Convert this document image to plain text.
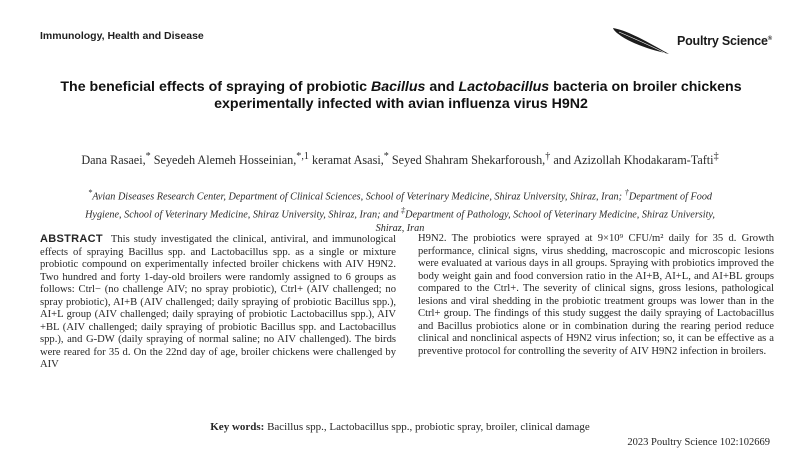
Immunology, Health and Disease	Poultry Science®
The beneficial effects of spraying of probiotic Bacillus and Lactobacillus bacteria on broiler chickens experimentally infected with avian influenza virus H9N2
Dana Rasaei,* Seyedeh Alemeh Hosseinian,$^{*,1}$ keramat Asasi,* Seyed Shahram Shekarforoush,† and Azizollah Khodakaram-Tafti‡
*Avian Diseases Research Center, Department of Clinical Sciences, School of Veterinary Medicine, Shiraz University, Shiraz, Iran; †Department of Food Hygiene, School of Veterinary Medicine, Shiraz University, Shiraz, Iran; and ‡Department of Pathology, School of Veterinary Medicine, Shiraz University, Shiraz, Iran

ABSTRACT This study investigated the clinical, antiviral, and immunological effects of spraying Bacillus spp. and Lactobacillus spp. as a single or mixture probiotic compound on experimentally infected broiler chickens with AIV H9N2. Two hundred and forty 1-day-old broilers were randomly assigned to 6 groups as follows: Ctrl− (no challenge AIV; no spray probiotic), Ctrl+ (AIV challenged; no spray probiotic), AI+B (AIV challenged; daily spraying of probiotic Bacillus spp.), AI+L group (AIV challenged; daily spraying of probiotic Lactobacillus spp.), AIV +BL (AIV challenged; daily spraying of probiotic Bacillus spp. and Lactobacillus spp.), and G-DW (daily spraying of normal saline; no AIV challenged). The birds were reared for 35 d. On the 22nd day of age, broiler chickens were challenged by AIV

H9N2. The probiotics were sprayed at 9×10⁹ CFU/m² daily for 35 d. Growth performance, clinical signs, virus shedding, macroscopic and microscopic lesions were evaluated at various days in all groups. Spraying with probiotics improved the body weight gain and food conversion ratio in the AI+B, AI+L, and AI+BL groups compared to the Ctrl+. The severity of clinical signs, gross lesions, pathological lesions and viral shedding in the probiotic treatment groups was lower than in the Ctrl+ group. The findings of this study suggest the daily spraying of Lactobacillus and Bacillus probiotics alone or in combination during the rearing period reduce clinical and nonclinical aspects of H9N2 virus infection; so, it can be effective as a preventive protocol for controlling the severity of AIV H9N2 infection in broilers.

Key words: Bacillus spp., Lactobacillus spp., probiotic spray, broiler, clinical damage
2023 Poultry Science 102:102669
